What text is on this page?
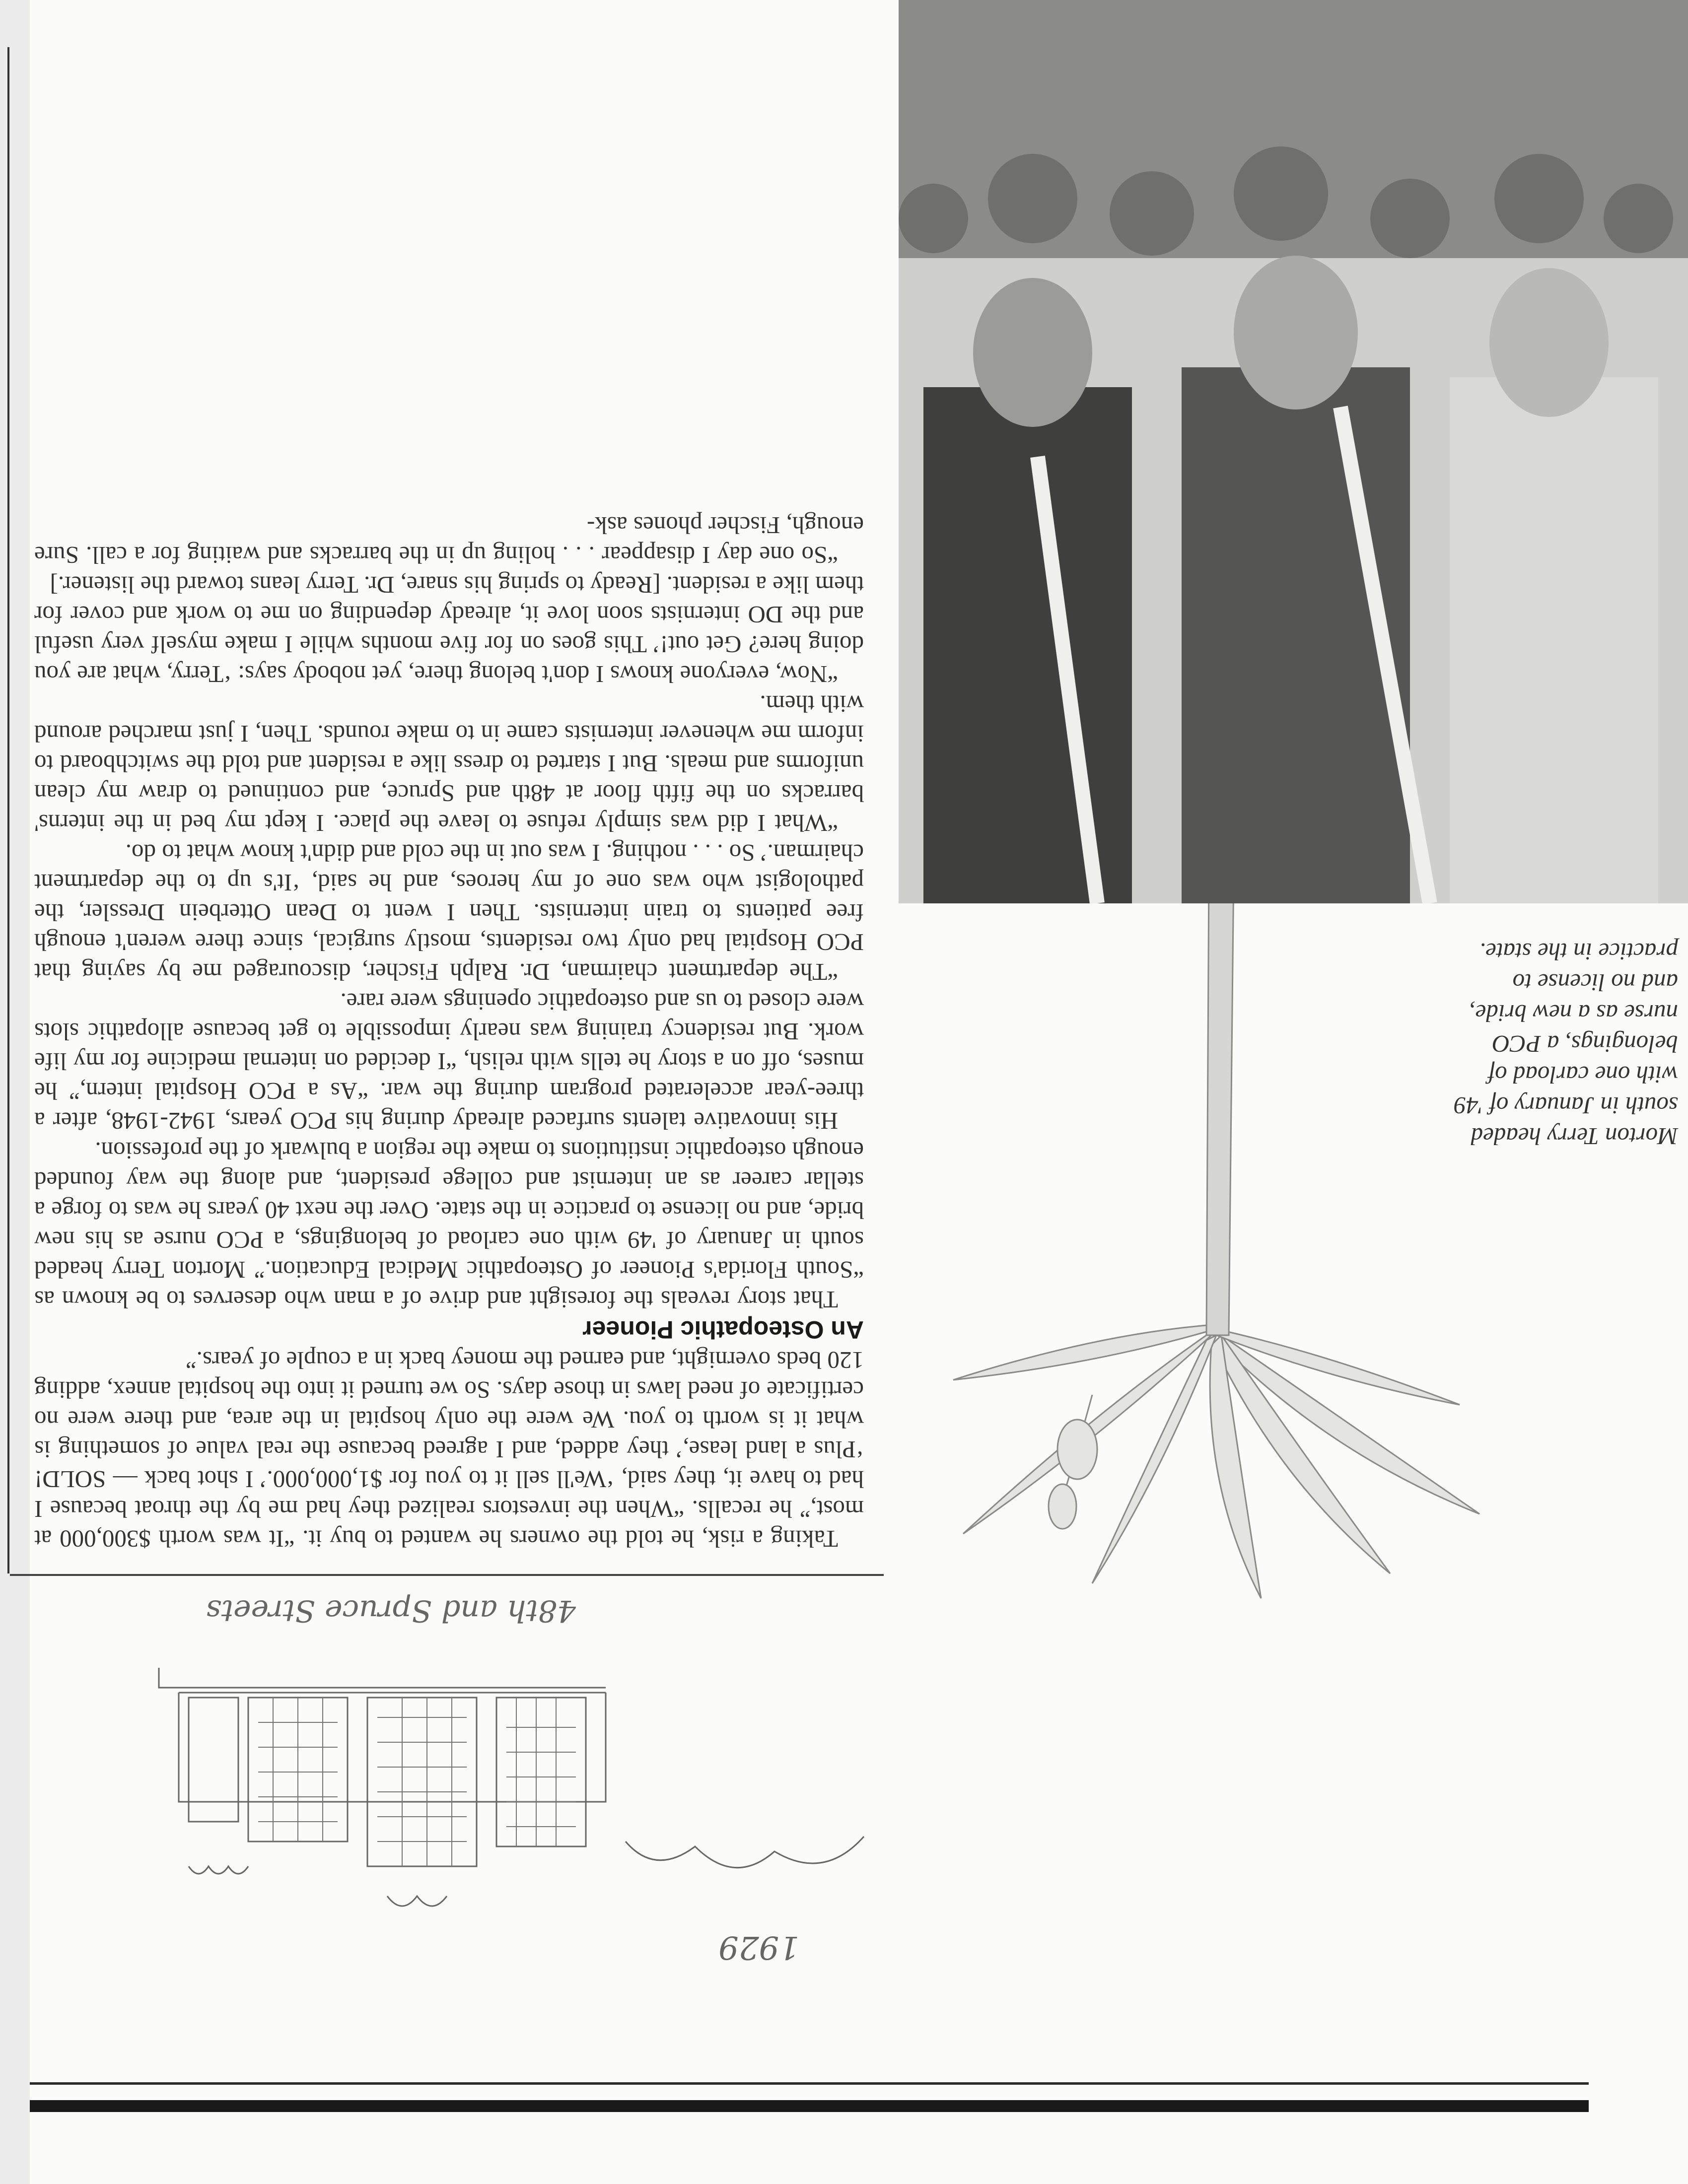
1929
48th and Spruce Streets

Taking a risk, he told the owners he wanted to buy it. “It was worth $300,000 at most,” he recalls. “When the investors realized they had me by the throat because I had to have it, they said, ‘We'll sell it to you for $1,000,000.’ I shot back — SOLD! ‘Plus a land lease,’ they added, and I agreed because the real value of something is what it is worth to you. We were the only hospital in the area, and there were no certificate of need laws in those days. So we turned it into the hospital annex, adding 120 beds overnight, and earned the money back in a couple of years.”

An Osteopathic Pioneer

That story reveals the foresight and drive of a man who deserves to be known as “South Florida's Pioneer of Osteopathic Medical Education.” Morton Terry headed south in January of '49 with one carload of belongings, a PCO nurse as his new bride, and no license to practice in the state. Over the next 40 years he was to forge a stellar career as an internist and college president, and along the way founded enough osteopathic institutions to make the region a bulwark of the profession.

His innovative talents surfaced already during his PCO years, 1942-1948, after a three-year accelerated program during the war. “As a PCO Hospital intern,” he muses, off on a story he tells with relish, “I decided on internal medicine for my life work. But residency training was nearly impossible to get because allopathic slots were closed to us and osteopathic openings were rare.

“The department chairman, Dr. Ralph Fischer, discouraged me by saying that PCO Hospital had only two residents, mostly surgical, since there weren't enough free patients to train internists. Then I went to Dean Otterbein Dressler, the pathologist who was one of my heroes, and he said, ‘It's up to the department chairman.’ So . . . nothing. I was out in the cold and didn't know what to do.

“What I did was simply refuse to leave the place. I kept my bed in the interns' barracks on the fifth floor at 48th and Spruce, and continued to draw my clean uniforms and meals. But I started to dress like a resident and told the switchboard to inform me whenever internists came in to make rounds. Then, I just marched around with them.

“Now, everyone knows I don't belong there, yet nobody says: ‘Terry, what are you doing here? Get out!’ This goes on for five months while I make myself very useful and the DO internists soon love it, already depending on me to work and cover for them like a resident. [Ready to spring his snare, Dr. Terry leans toward the listener.]

“So one day I disappear . . . holing up in the barracks and waiting for a call. Sure enough, Fischer phones ask-

Morton Terry headed south in January of '49 with one carload of belongings, a PCO nurse as a new bride, and no license to practice in the state.
